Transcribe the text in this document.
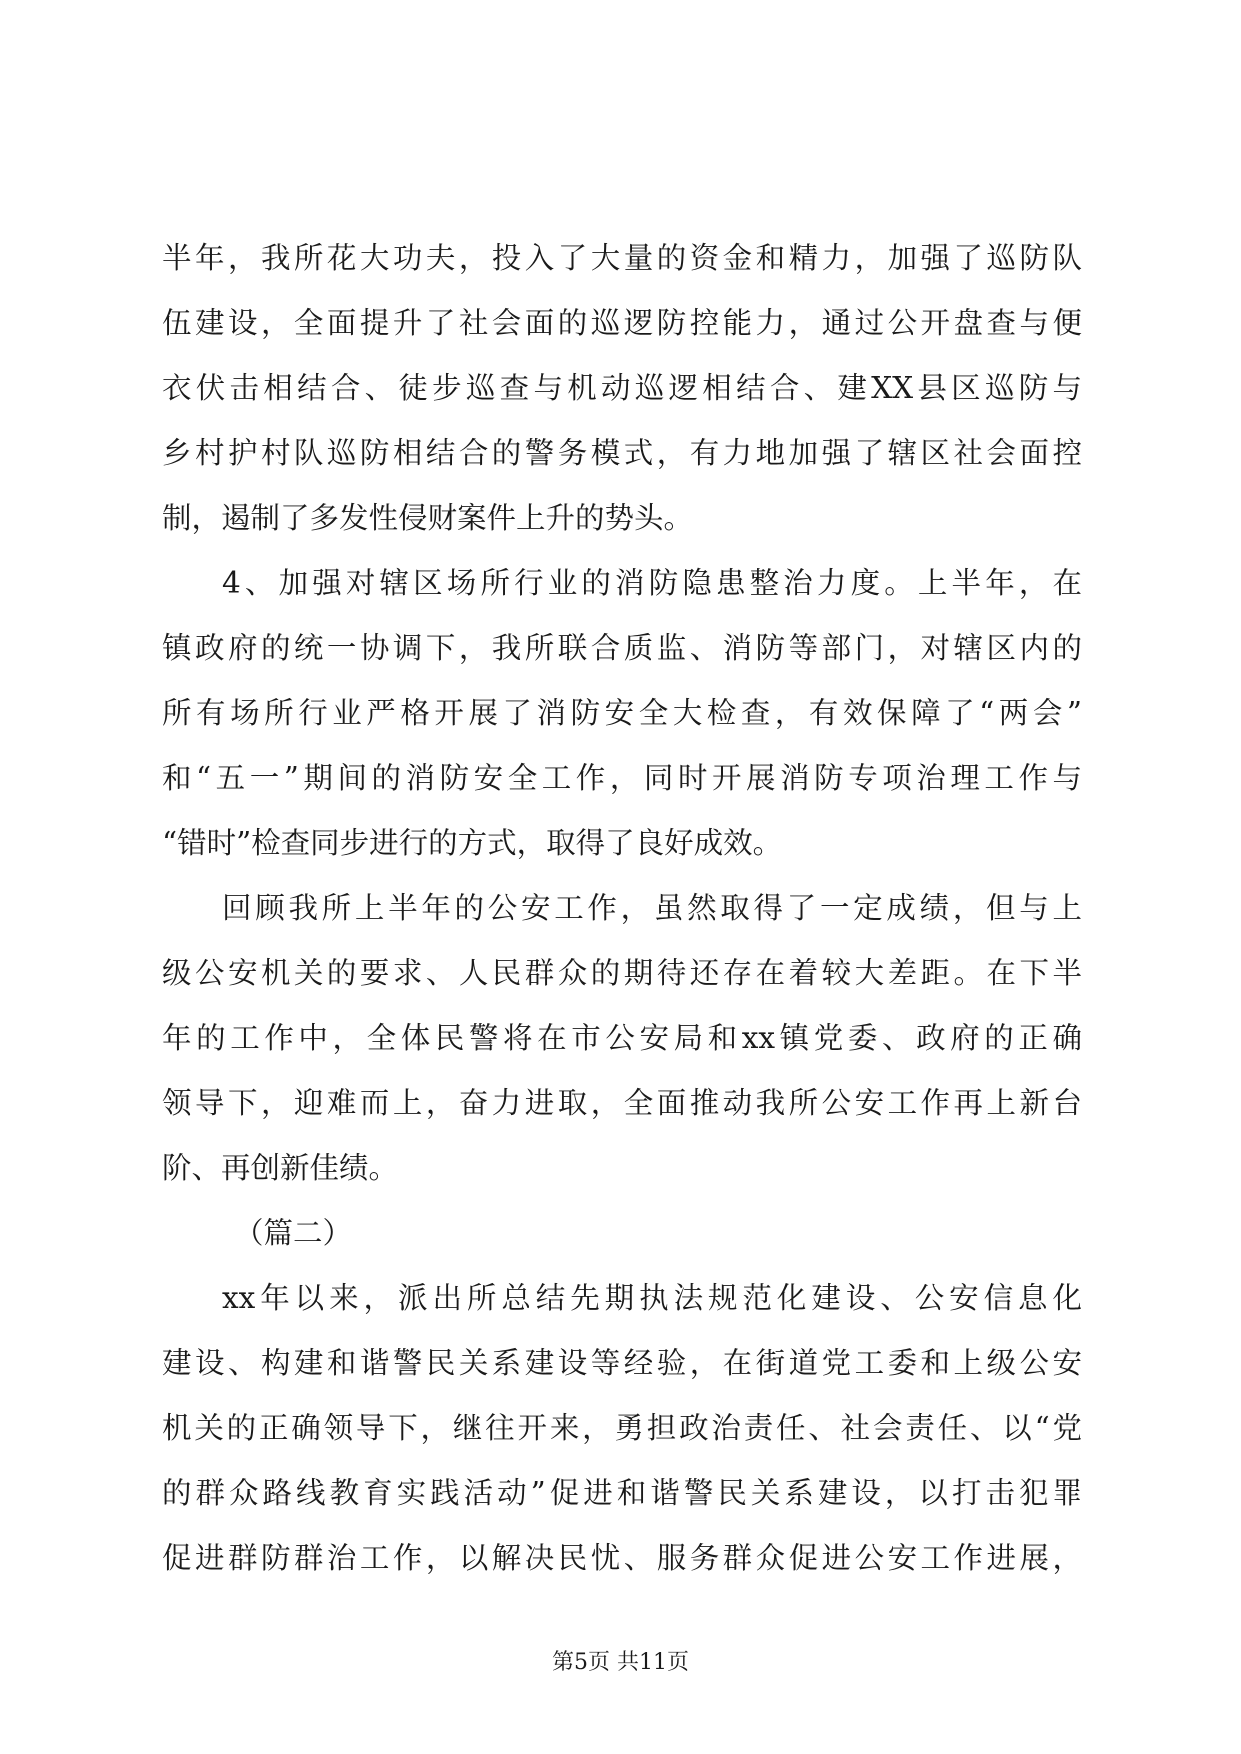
半年，我所花大功夫，投入了大量的资金和精力，加强了巡防队
伍建设，全面提升了社会面的巡逻防控能力，通过公开盘查与便
衣伏击相结合、徒步巡查与机动巡逻相结合、建XX县区巡防与
乡村护村队巡防相结合的警务模式，有力地加强了辖区社会面控
制，遏制了多发性侵财案件上升的势头。
4、加强对辖区场所行业的消防隐患整治力度。上半年，在
镇政府的统一协调下，我所联合质监、消防等部门，对辖区内的
所有场所行业严格开展了消防安全大检查，有效保障了“两会”
和“五一”期间的消防安全工作，同时开展消防专项治理工作与
“错时”检查同步进行的方式，取得了良好成效。
回顾我所上半年的公安工作，虽然取得了一定成绩，但与上
级公安机关的要求、人民群众的期待还存在着较大差距。在下半
年的工作中，全体民警将在市公安局和xx镇党委、政府的正确
领导下，迎难而上，奋力进取，全面推动我所公安工作再上新台
阶、再创新佳绩。
（篇二）
xx年以来，派出所总结先期执法规范化建设、公安信息化
建设、构建和谐警民关系建设等经验，在街道党工委和上级公安
机关的正确领导下，继往开来，勇担政治责任、社会责任、以“党
的群众路线教育实践活动”促进和谐警民关系建设，以打击犯罪
促进群防群治工作，以解决民忧、服务群众促进公安工作进展，
第5页 共11页
